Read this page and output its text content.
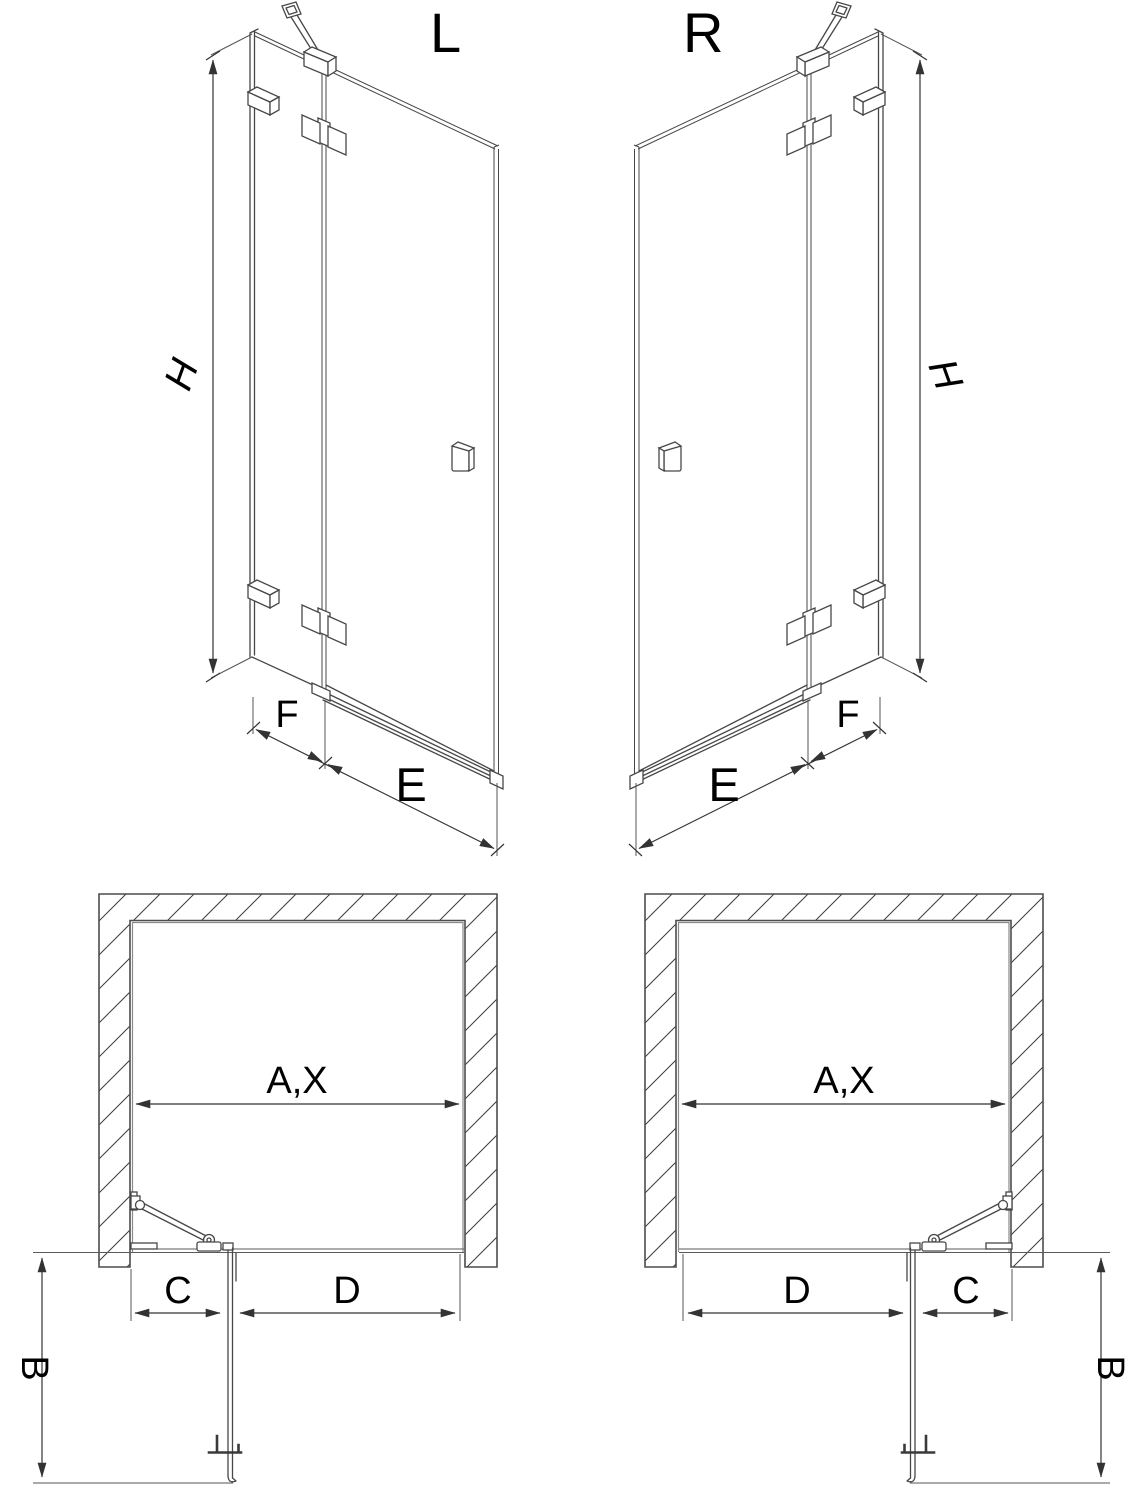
L
H
F
E
R
H
F
E
A,X
B
C	D
A,X
B
C
D
